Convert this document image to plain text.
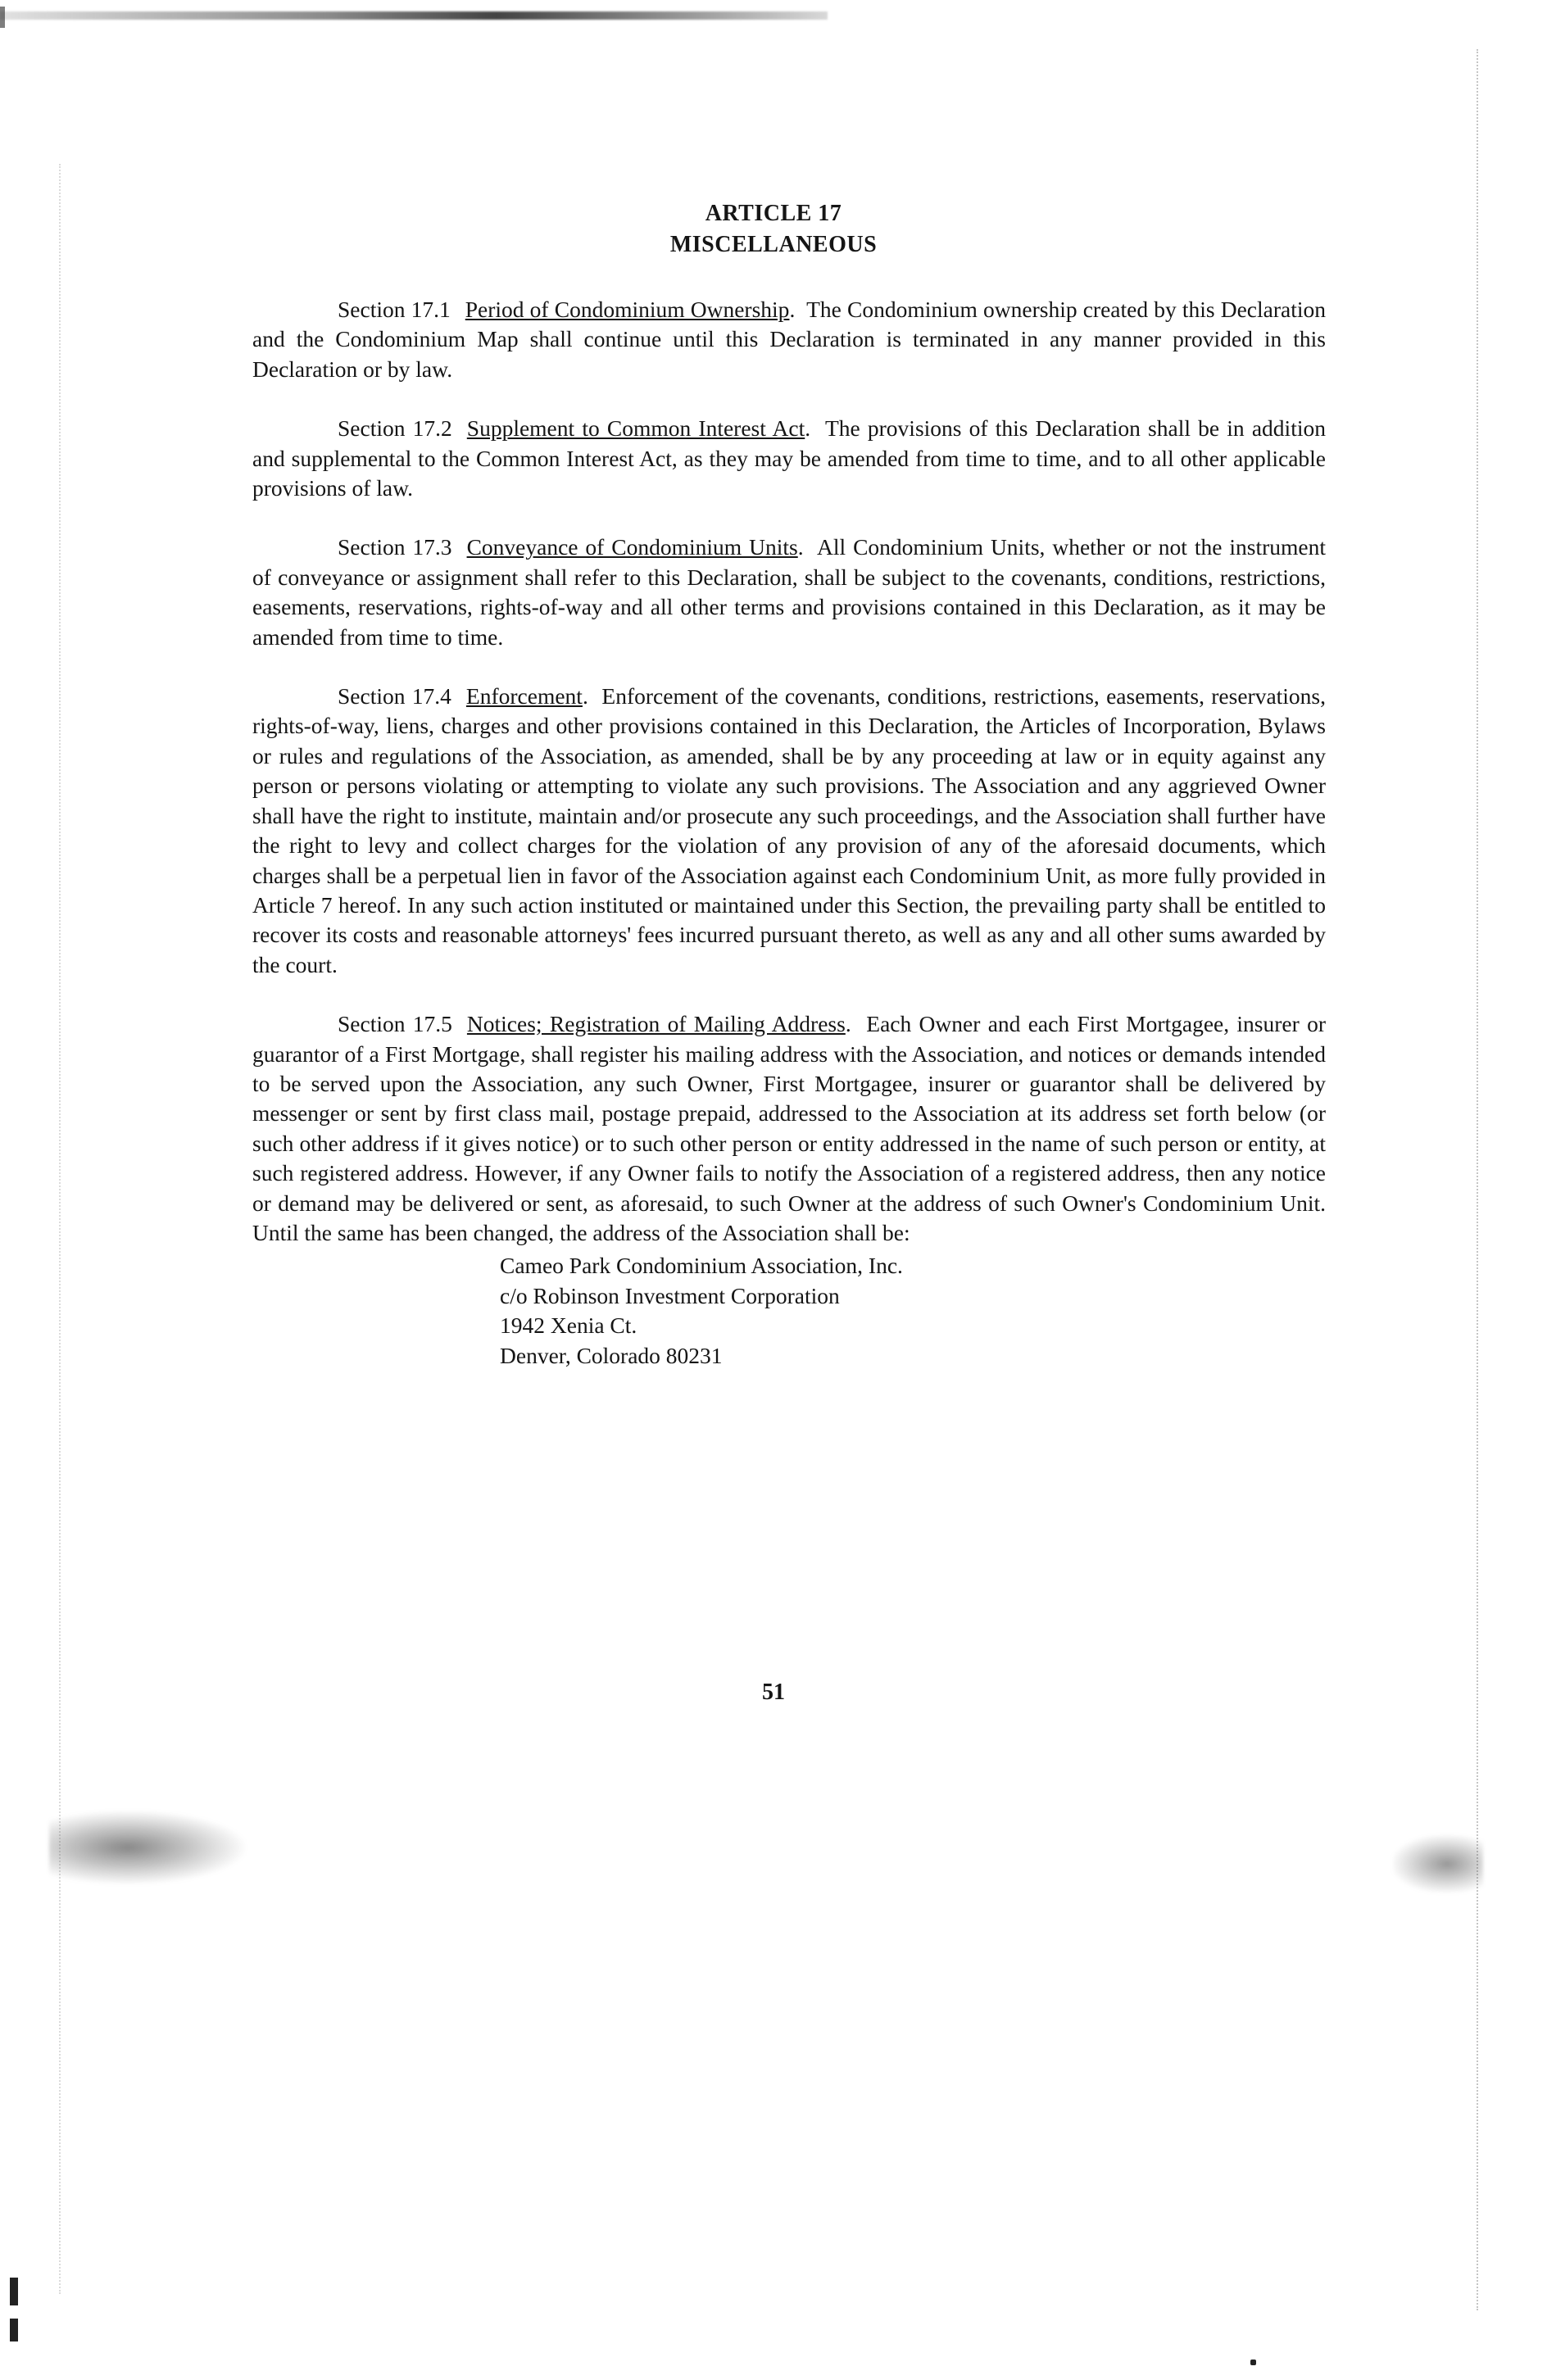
ARTICLE 17
MISCELLANEOUS

Section 17.1 Period of Condominium Ownership.  The Condominium ownership created by this Declaration and the Condominium Map shall continue until this Declaration is terminated in any manner provided in this Declaration or by law.

Section 17.2 Supplement to Common Interest Act.  The provisions of this Declaration shall be in addition and supplemental to the Common Interest Act, as they may be amended from time to time, and to all other applicable provisions of law.

Section 17.3 Conveyance of Condominium Units.  All Condominium Units, whether or not the instrument of conveyance or assignment shall refer to this Declaration, shall be subject to the covenants, conditions, restrictions, easements, reservations, rights-of-way and all other terms and provisions contained in this Declaration, as it may be amended from time to time.

Section 17.4 Enforcement.  Enforcement of the covenants, conditions, restrictions, easements, reservations, rights-of-way, liens, charges and other provisions contained in this Declaration, the Articles of Incorporation, Bylaws or rules and regulations of the Association, as amended, shall be by any proceeding at law or in equity against any person or persons violating or attempting to violate any such provisions. The Association and any aggrieved Owner shall have the right to institute, maintain and/or prosecute any such proceedings, and the Association shall further have the right to levy and collect charges for the violation of any provision of any of the aforesaid documents, which charges shall be a perpetual lien in favor of the Association against each Condominium Unit, as more fully provided in Article 7 hereof. In any such action instituted or maintained under this Section, the prevailing party shall be entitled to recover its costs and reasonable attorneys' fees incurred pursuant thereto, as well as any and all other sums awarded by the court.

Section 17.5 Notices; Registration of Mailing Address.  Each Owner and each First Mortgagee, insurer or guarantor of a First Mortgage, shall register his mailing address with the Association, and notices or demands intended to be served upon the Association, any such Owner, First Mortgagee, insurer or guarantor shall be delivered by messenger or sent by first class mail, postage prepaid, addressed to the Association at its address set forth below (or such other address if it gives notice) or to such other person or entity addressed in the name of such person or entity, at such registered address. However, if any Owner fails to notify the Association of a registered address, then any notice or demand may be delivered or sent, as aforesaid, to such Owner at the address of such Owner's Condominium Unit. Until the same has been changed, the address of the Association shall be:

Cameo Park Condominium Association, Inc.
c/o Robinson Investment Corporation
1942 Xenia Ct.
Denver, Colorado 80231
51
